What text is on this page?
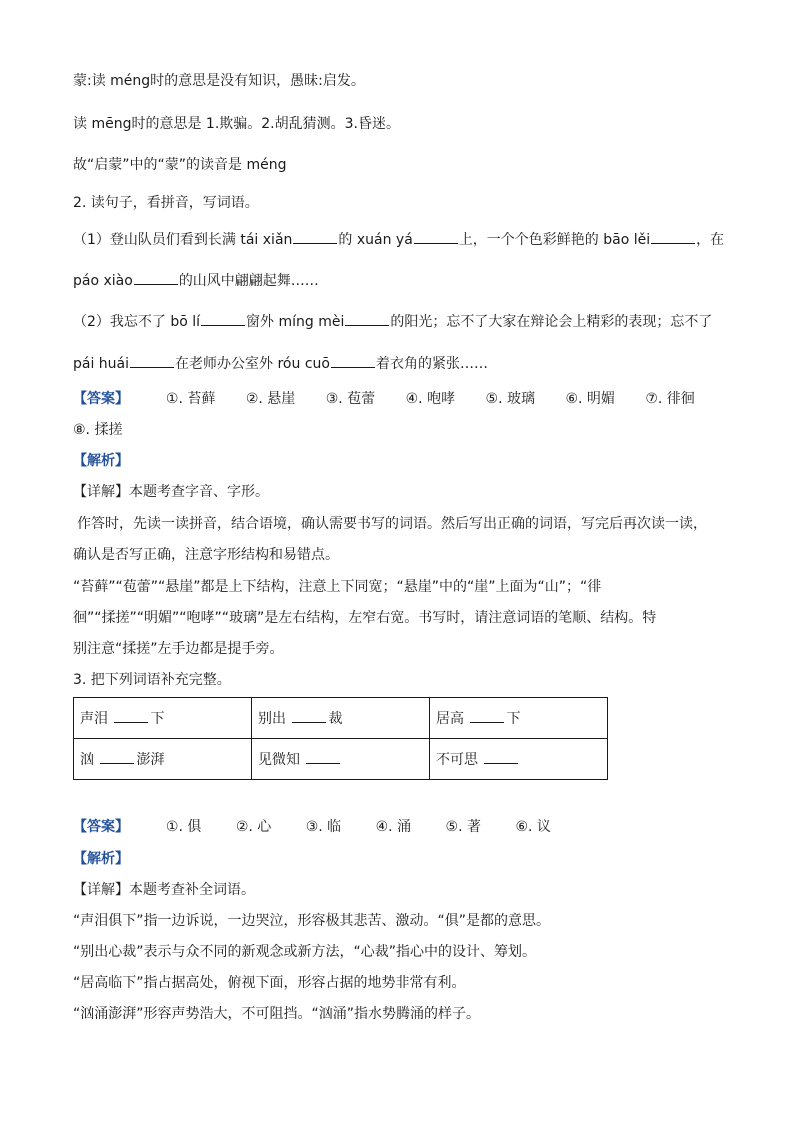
蒙:读 méng时的意思是没有知识，愚昧:启发。
读 mēng时的意思是 1.欺骗。2.胡乱猜测。3.昏迷。
故“启蒙”中的“蒙”的读音是 méng
2. 读句子，看拼音，写词语。
（1）登山队员们看到长满 tái xiǎn	的 xuán yá	上，一个个色彩鲜艳的 bāo lěi	，在
páo xiào	的山风中翩翩起舞……
（2）我忘不了 bō lí	窗外 míng mèi	的阳光；忘不了大家在辩论会上精彩的表现；忘不了
pái huái	在老师办公室外 róu cuō	着衣角的紧张……
【答案】	①. 苔藓 ②. 悬崖 ③. 苞蕾 ④. 咆哮 ⑤. 玻璃 ⑥. 明媚 ⑦. 徘徊
⑧. 揉搓
【解析】
【详解】本题考查字音、字形。
作答时，先读一读拼音，结合语境，确认需要书写的词语。然后写出正确的词语，写完后再次读一读，
确认是否写正确，注意字形结构和易错点。
“苔藓”“苞蕾”“悬崖”都是上下结构，注意上下同宽；“悬崖”中的“崖”上面为“山”；“徘
徊”“揉搓”“明媚”“咆哮”“玻璃”是左右结构，左窄右宽。书写时，请注意词语的笔顺、结构。特
别注意“揉搓”左手边都是提手旁。
3. 把下列词语补充完整。
声泪 下	别出 裁	居高 下
汹 澎湃	见微知	不可思
【答案】	①. 俱 ②. 心 ③. 临 ④. 涌 ⑤. 著 ⑥. 议
【解析】
【详解】本题考查补全词语。
“声泪俱下”指一边诉说，一边哭泣，形容极其悲苦、激动。“俱”是都的意思。
“别出心裁”表示与众不同的新观念或新方法，“心裁”指心中的设计、筹划。
“居高临下”指占据高处，俯视下面，形容占据的地势非常有利。
“汹涌澎湃”形容声势浩大，不可阻挡。“汹涌”指水势腾涌的样子。
